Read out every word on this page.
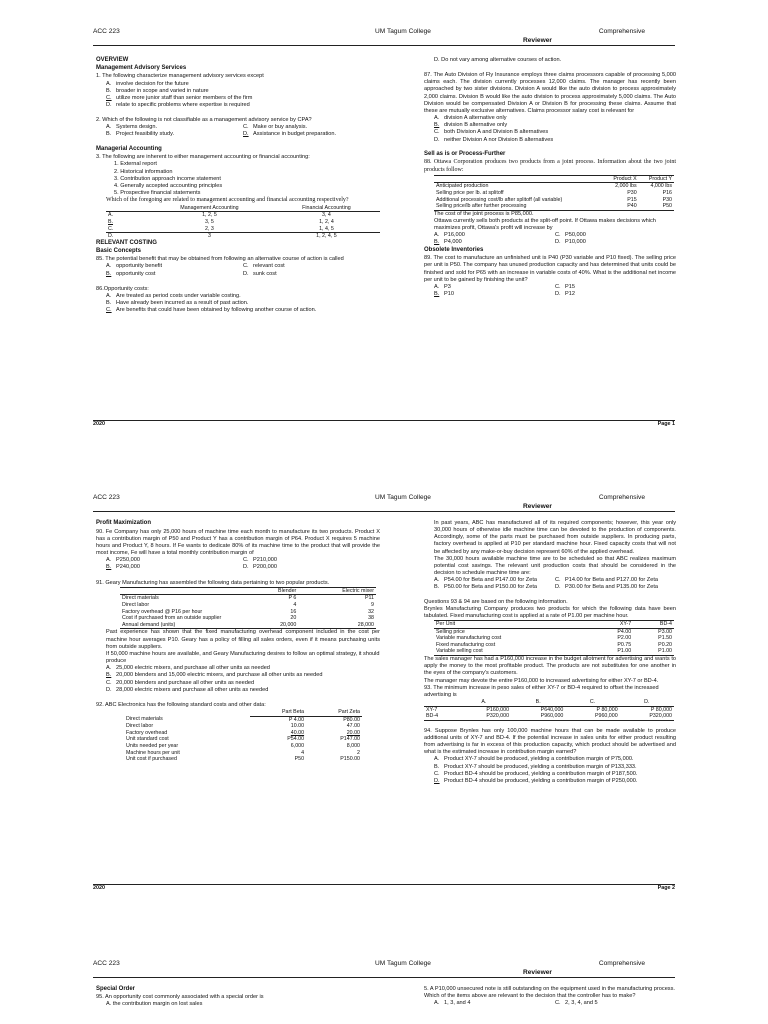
ACC 223	UM Tagum College	Comprehensive
Reviewer
OVERVIEW
Management Advisory Services
1. The following characterize management advisory services except
A. involve decision for the future
B. broader in scope and varied in nature
C. utilize more junior staff than senior members of the firm
D. relate to specific problems where expertise is required
2. Which of the following is not classifiable as a management advisory service by CPA?
A. Systems design.	C. Make or buy analysis.
B. Project feasibility study.	D. Assistance in budget preparation.
Managerial Accounting
3. The following are inherent to either management accounting or financial accounting:
1. External report
2. Historical information
3. Contribution approach income statement
4. Generally accepted accounting principles
5. Prospective financial statements
Which of the foregoing are related to management accounting and financial accounting respectively?
	Management Accounting	Financial Accounting
A.	1, 2, 5	3, 4
B.	3, 5	1, 2, 4
C.	2, 3	1, 4, 5
D.	3	1, 2, 4, 5
RELEVANT COSTING
Basic Concepts
85. The potential benefit that may be obtained from following an alternative course of action is called
A. opportunity benefit	C. relevant cost
B. opportunity cost	D. sunk cost
86.Opportunity costs:
A. Are treated as period costs under variable costing.
B. Have already been incurred as a result of past action.
C. Are benefits that could have been obtained by following another course of action.
D. Do not vary among alternative courses of action.
87. The Auto Division of Fly Insurance employs three claims processors capable of processing 5,000 claims each. The division currently processes 12,000 claims. The manager has recently been approached by two sister divisions. Division A would like the auto division to process approximately 2,000 claims. Division B would like the auto division to process approximately 5,000 claims. The Auto Division would be compensated Division A or Division B for processing these claims. Assume that these are mutually exclusive alternatives. Claims processor salary cost is relevant for
A. division A alternative only
B. division B alternative only
C. both Division A and Division B alternatives
D. neither Division A nor Division B alternatives
Sell as is or Process-Further
88. Ottawa Corporation produces two products from a joint process. Information about the two joint products follow:
	Product X	Product Y
Anticipated production	2,000 lbs	4,000 lbs
Selling price per lb. at splitoff	P30	P16
Additional processing cost/lb after splitoff (all variable)	P15	P30
Selling price/lb after further processing	P40	P50
The cost of the joint process is P85,000.
Ottawa currently sells both products at the split-off point. If Ottawa makes decisions which maximizes profit, Ottawa's profit will increase by
A. P16,000	C. P50,000
B. P4,000	D. P10,000
Obsolete Inventories
89. The cost to manufacture an unfinished unit is P40 (P30 variable and P10 fixed). The selling price per unit is P50. The company has unused production capacity and has determined that units could be finished and sold for P65 with an increase in variable costs of 40%. What is the additional net income per unit to be gained by finishing the unit?
A. P3	C. P15
B. P10	D. P12
2020	Page 1
ACC 223	UM Tagum College	Comprehensive
Reviewer
Profit Maximization
90. Fe Company has only 25,000 hours of machine time each month to manufacture its two products. Product X has a contribution margin of P50 and Product Y has a contribution margin of P64. Product X requires 5 machine hours and Product Y, 8 hours. If Fe wants to dedicate 80% of its machine time to the product that will provide the most income, Fe will have a total monthly contribution margin of
A. P250,000	C. P210,000
B. P240,000	D. P200,000
91. Geary Manufacturing has assembled the following data pertaining to two popular products.
	Blender	Electric mixer
Direct materials	P 6	P11
Direct labor	4	9
Factory overhead @ P16 per hour	16	32
Cost if purchased from an outside supplier	20	38
Annual demand (units)	20,000	28,000
Past experience has shown that the fixed manufacturing overhead component included in the cost per machine hour averages P10. Geary has a policy of filling all sales orders, even if it means purchasing units from outside suppliers.
If 50,000 machine hours are available, and Geary Manufacturing desires to follow an optimal strategy, it should produce
A. 25,000 electric mixers, and purchase all other units as needed
B. 20,000 blenders and 15,000 electric mixers, and purchase all other units as needed
C. 20,000 blenders and purchase all other units as needed
D. 28,000 electric mixers and purchase all other units as needed
92. ABC Electronics has the following standard costs and other data:
	Part Beta	Part Zeta
Direct materials	P 4.00	P80.00
Direct labor	10.00	47.00
Factory overhead	40.00	20.00
Unit standard cost	P54.00	P147.00
Units needed per year	6,000	8,000
Machine hours per unit	4	2
Unit cost if purchased	P50	P150.00
In past years, ABC has manufactured all of its required components; however, this year only 30,000 hours of otherwise idle machine time can be devoted to the production of components. Accordingly, some of the parts must be purchased from outside suppliers. In producing parts, factory overhead is applied at P10 per standard machine hour. Fixed capacity costs that will not be affected by any make-or-buy decision represent 60% of the applied overhead.
The 30,000 hours available machine time are to be scheduled so that ABC realizes maximum potential cost savings. The relevant unit production costs that should be considered in the decision to schedule machine time are:
A. P54.00 for Beta and P147.00 for Zeta	C. P14.00 for Beta and P127.00 for Zeta
B. P50.00 for Beta and P150.00 for Zeta	D. P30.00 for Beta and P135.00 for Zeta
Questions 93 & 94 are based on the following information.
Brynles Manufacturing Company produces two products for which the following data have been tabulated. Fixed manufacturing cost is applied at a rate of P1.00 per machine hour.
Per Unit	XY-7	BD-4
Selling price	P4.00	P3.00
Variable manufacturing cost	P2.00	P1.50
Fixed manufacturing cost	P0.75	P0.20
Variable selling cost	P1.00	P1.00
The sales manager has had a P160,000 increase in the budget allotment for advertising and wants to apply the money to the most profitable product. The products are not substitutes for one another in the eyes of the company's customers.
The manager may devote the entire P160,000 to increased advertising for either XY-7 or BD-4.
93. The minimum increase in peso sales of either XY-7 or BD-4 required to offset the increased advertising is
	A.	B.	C.	D.
XY-7	P160,000	P640,000	P 80,000	P 80,000
BD-4	P320,000	P960,000	P960,000	P320,000
94. Suppose Brynles has only 100,000 machine hours that can be made available to produce additional units of XY-7 and BD-4. If the potential increase in sales units for either product resulting from advertising is far in excess of this production capacity, which product should be advertised and what is the estimated increase in contribution margin earned?
A. Product XY-7 should be produced, yielding a contribution margin of P75,000.
B. Product XY-7 should be produced, yielding a contribution margin of P133,333.
C. Product BD-4 should be produced, yielding a contribution margin of P187,500.
D. Product BD-4 should be produced, yielding a contribution margin of P250,000.
2020	Page 2
ACC 223	UM Tagum College	Comprehensive
Reviewer
Special Order
95. An opportunity cost commonly associated with a special order is
A. the contribution margin on lost sales
5. A P10,000 unsecured note is still outstanding on the equipment used in the manufacturing process.
Which of the items above are relevant to the decision that the controller has to make?
A. 1, 3, and 4	C. 2, 3, 4, and 5
